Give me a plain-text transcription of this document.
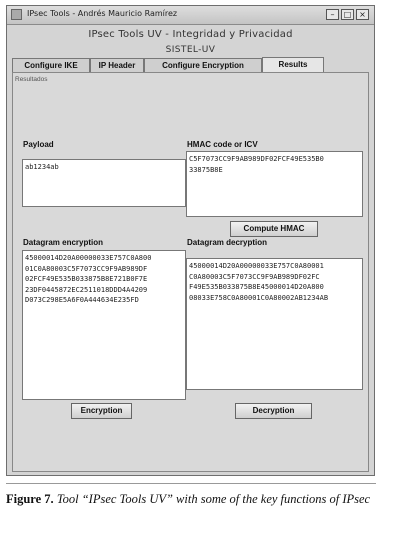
IPsec Tools - Andrés Mauricio Ramírez	–	□ ×
IPsec Tools UV - Integridad y Privacidad
SISTEL-UV
Configure IKE	IP Header	Configure Encryption	Results
Resultados
Payload
ab1234ab
HMAC code or ICV
C5F7073CC9F9AB989DF02FCF49E535B0
33875B8E
Compute HMAC
Datagram encryption
45000014D20A00000033E757C0A800
01C0A80003C5F7073CC9F9AB989DF
02FCF49E535B033875B8E721B0F7E
23DF0445872EC2511018DDD4A4209
D073C298E5A6F0A444634E235FD
Encryption
Datagram decryption
45000014D20A00000033E757C0A80001
C0A80003C5F7073CC9F9AB989DF02FC
F49E535B033875B8E45000014D20A800
08033E758C0A80001C0A80002AB1234AB
Decryption
Figure 7. Tool “IPsec Tools UV” with some of the key functions of IPsec
